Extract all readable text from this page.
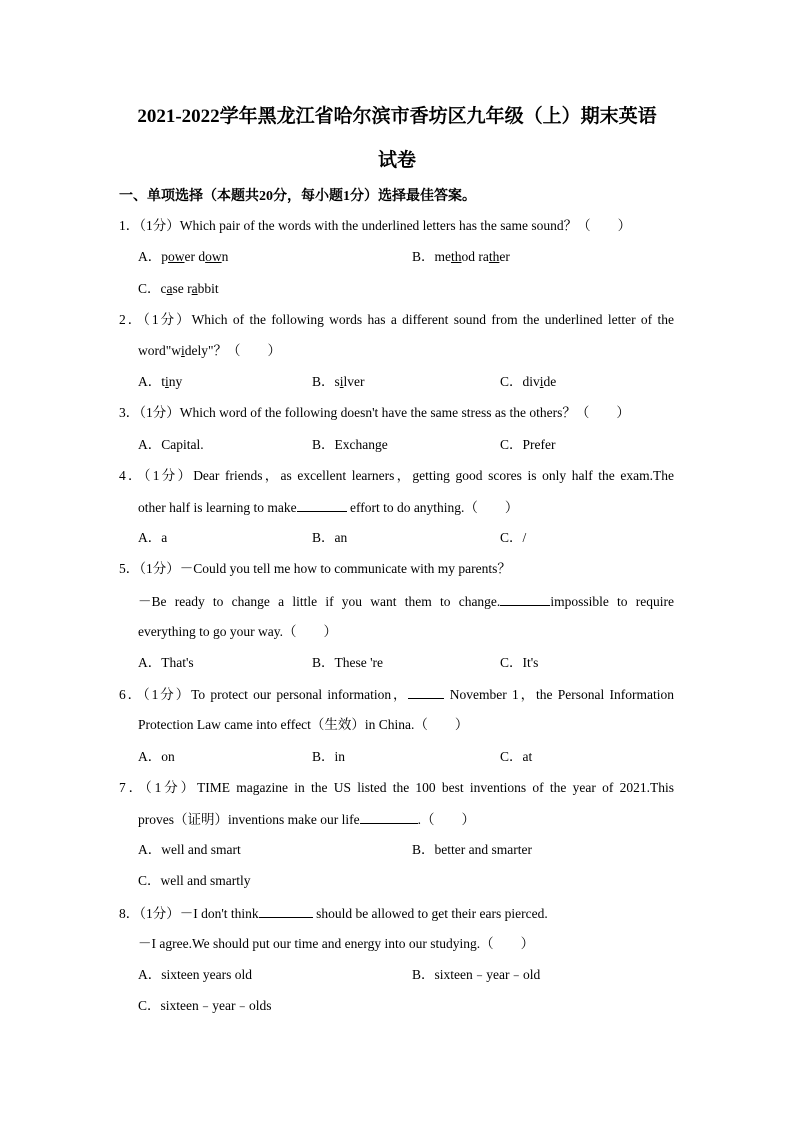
2021-2022学年黑龙江省哈尔滨市香坊区九年级（上）期末英语
试卷
一、单项选择（本题共20分，每小题1分）选择最佳答案。
1．（1分）Which pair of the words with the underlined letters has the same sound？（　　）
A．power down	B．method rather
C．case rabbit
2．（1分）Which of the following words has a different sound from the underlined letter of the
word"widely"？（　　）
A．tiny	B．silver	C．divide
3．（1分）Which word of the following doesn't have the same stress as the others？（　　）
A．Capital.	B．Exchange	C．Prefer
4．（1分）Dear friends，as excellent learners，getting good scores is only half the exam.The
other half is learning to make	effort to do anything.（　　）
A．a	B．an	C．/
5．（1分）－Could you tell me how to communicate with my parents？
－Be ready to change a little if you want them to change.	impossible to require
everything to go your way.（　　）
A．That's	B．These 're	C．It's
6．（1分）To protect our personal information，	November 1，the Personal Information
Protection Law came into effect（生效）in China.（　　）
A．on	B．in	C．at
7．（1分）TIME magazine in the US listed the 100 best inventions of the year of 2021.This
proves（证明）inventions make our life	.（　　）
A．well and smart	B．better and smarter
C．well and smartly
8．（1分）－I don't think	should be allowed to get their ears pierced.
－I agree.We should put our time and energy into our studying.（　　）
A．sixteen years old	B．sixteen﹣year﹣old
C．sixteen﹣year﹣olds
